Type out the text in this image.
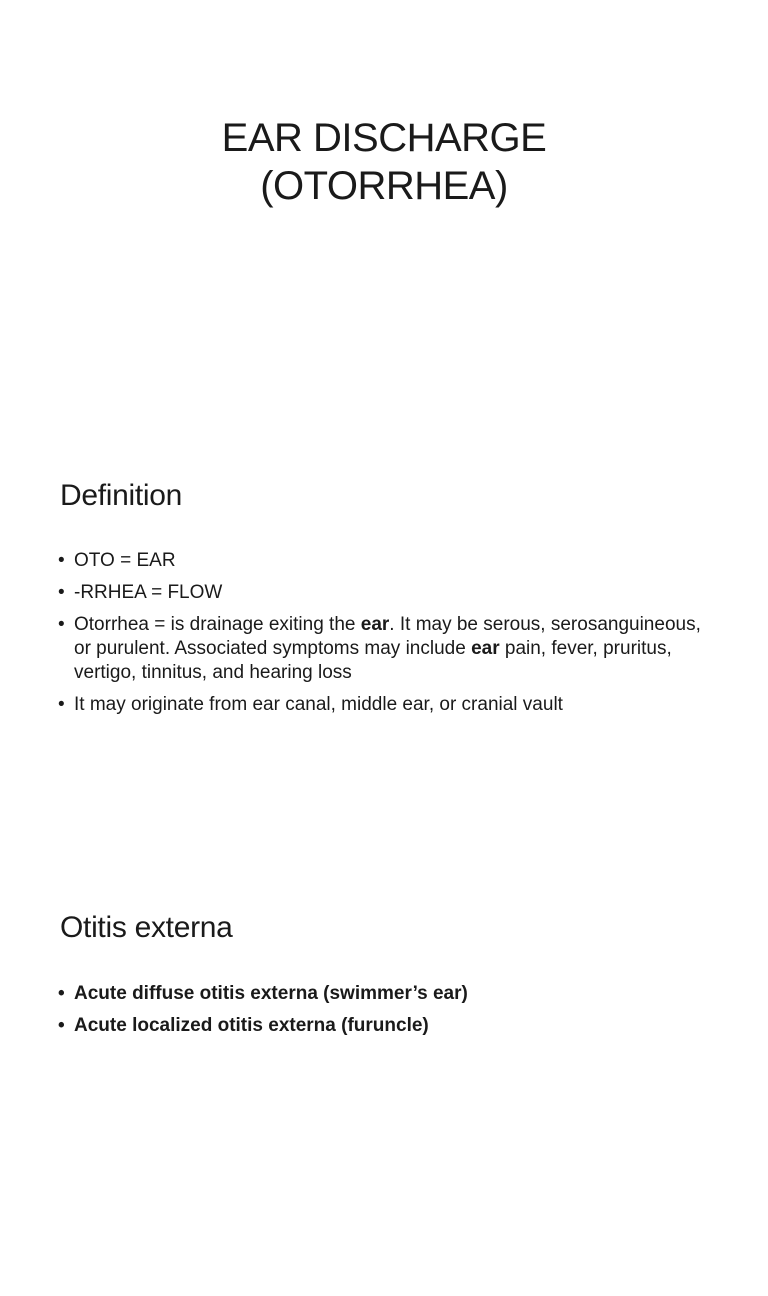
EAR DISCHARGE
(OTORRHEA)
Definition
• OTO = EAR
• -RRHEA = FLOW
• Otorrhea = is drainage exiting the ear. It may be serous, serosanguineous, or purulent. Associated symptoms may include ear pain, fever, pruritus, vertigo, tinnitus, and hearing loss
• It may originate from ear canal, middle ear, or cranial vault
Otitis externa
• Acute diffuse otitis externa (swimmer’s ear)
• Acute localized otitis externa (furuncle)
